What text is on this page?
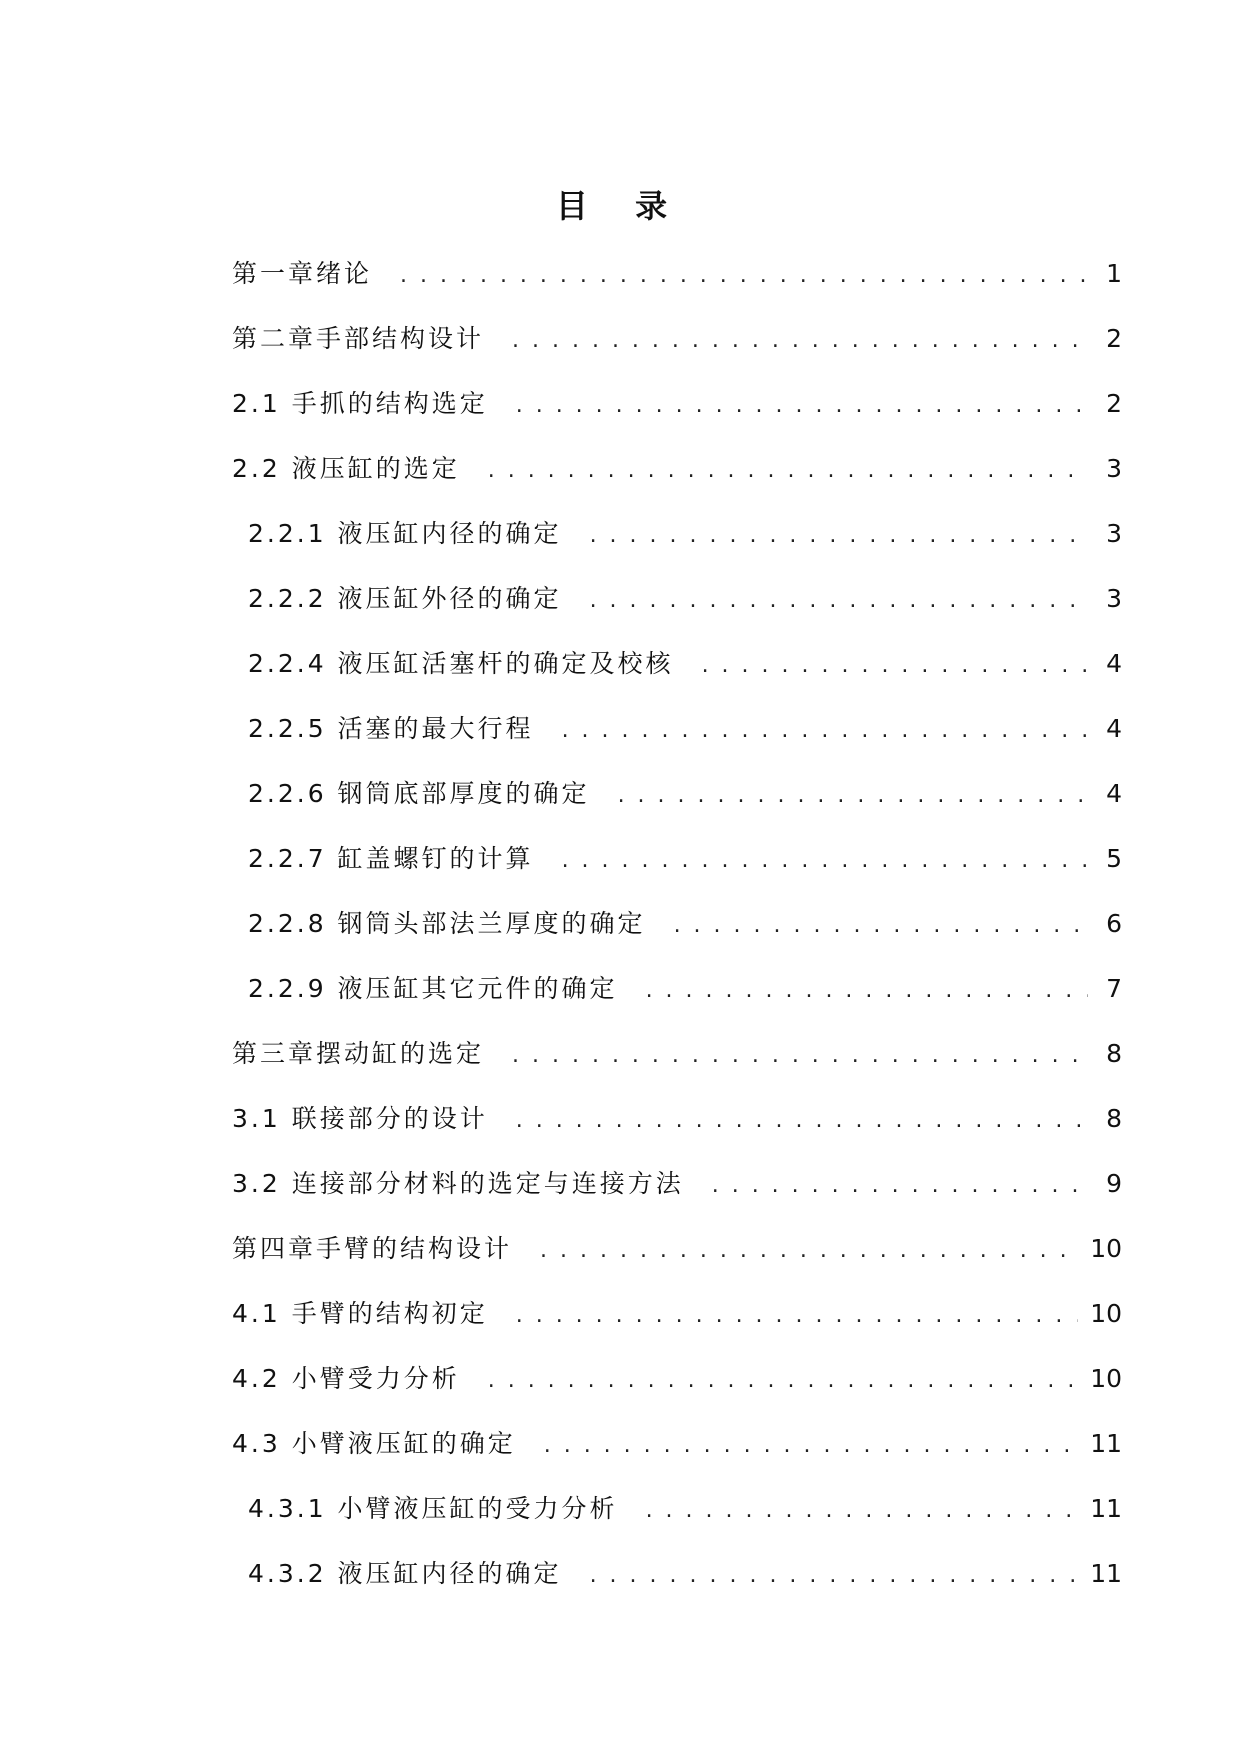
目 录
第一章绪论 . . .	1
第二章手部结构设计 . . .	2
2.1 手抓的结构选定 . . .	2
2.2 液压缸的选定 . . .	3
2.2.1 液压缸内径的确定 . . .	3
2.2.2 液压缸外径的确定 . . .	3
2.2.4 液压缸活塞杆的确定及校核 . . .	4
2.2.5 活塞的最大行程 . . .	4
2.2.6 钢筒底部厚度的确定 . . .	4
2.2.7 缸盖螺钉的计算 . . .	5
2.2.8 钢筒头部法兰厚度的确定 . . .	6
2.2.9 液压缸其它元件的确定 . . .	7
第三章摆动缸的选定 . . .	8
3.1 联接部分的设计 . . .	8
3.2 连接部分材料的选定与连接方法 . . .	9
第四章手臂的结构设计 . . .	10
4.1 手臂的结构初定 . . .	10
4.2 小臂受力分析 . . .	10
4.3 小臂液压缸的确定 . . .	11
4.3.1 小臂液压缸的受力分析 . . .	11
4.3.2 液压缸内径的确定 . . .	11
